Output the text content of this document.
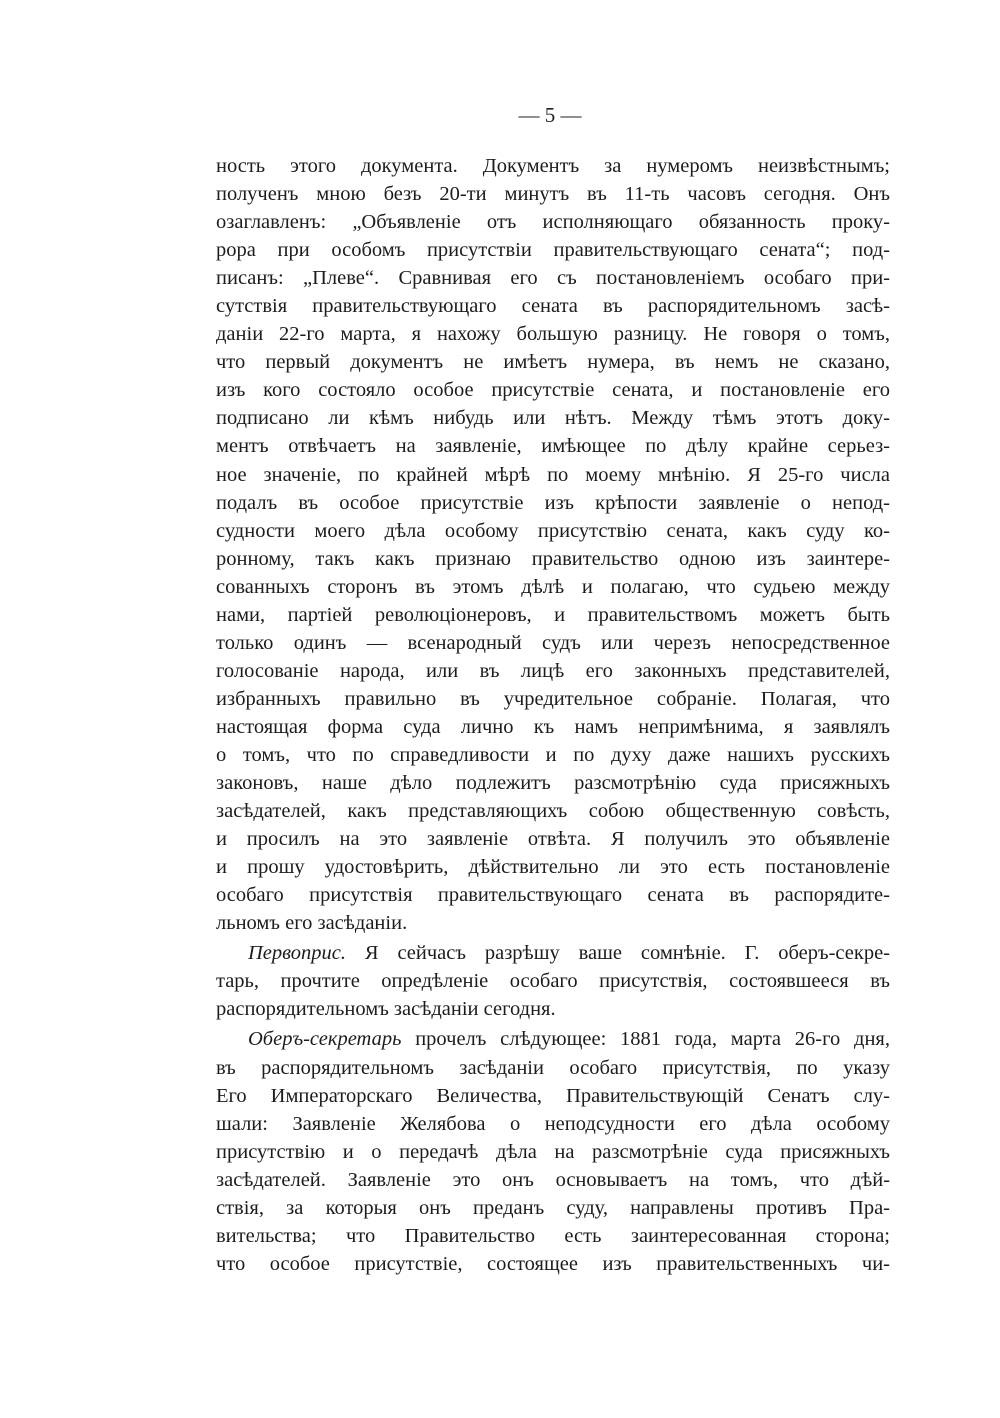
— 5 —
ность этого документа. Документъ за нумеромъ неизвѣстнымъ;
полученъ мною безъ 20-ти минутъ въ 11-ть часовъ сегодня. Онъ
озаглавленъ: „Объявленіе отъ исполняющаго обязанность проку-
рора при особомъ присутствіи правительствующаго сената“; под-
писанъ: „Плеве“. Сравнивая его съ постановленіемъ особаго при-
сутствія правительствующаго сената въ распорядительномъ засѣ-
даніи 22-го марта, я нахожу большую разницу. Не говоря о томъ,
что первый документъ не имѣетъ нумера, въ немъ не сказано,
изъ кого состояло особое присутствіе сената, и постановленіе его
подписано ли кѣмъ нибудь или нѣтъ. Между тѣмъ этотъ доку-
ментъ отвѣчаетъ на заявленіе, имѣющее по дѣлу крайне серьез-
ное значеніе, по крайней мѣрѣ по моему мнѣнію. Я 25-го числа
подалъ въ особое присутствіе изъ крѣпости заявленіе о непод-
судности моего дѣла особому присутствію сената, какъ суду ко-
ронному, такъ какъ признаю правительство одною изъ заинтере-
сованныхъ сторонъ въ этомъ дѣлѣ и полагаю, что судьею между
нами, партіей революціонеровъ, и правительствомъ можетъ быть
только одинъ — всенародный судъ или черезъ непосредственное
голосованіе народа, или въ лицѣ его законныхъ представителей,
избранныхъ правильно въ учредительное собраніе. Полагая, что
настоящая форма суда лично къ намъ непримѣнима, я заявлялъ
о томъ, что по справедливости и по духу даже нашихъ русскихъ
законовъ, наше дѣло подлежитъ разсмотрѣнію суда присяжныхъ
засѣдателей, какъ представляющихъ собою общественную совѣсть,
и просилъ на это заявленіе отвѣта. Я получилъ это объявленіе
и прошу удостовѣрить, дѣйствительно ли это есть постановленіе
особаго присутствія правительствующаго сената въ распорядите-
льномъ его засѣданіи.
Первоприс. Я сейчасъ разрѣшу ваше сомнѣніе. Г. оберъ-секре-
тарь, прочтите опредѣленіе особаго присутствія, состоявшееся въ
распорядительномъ засѣданіи сегодня.
Оберъ-секретарь прочелъ слѣдующее: 1881 года, марта 26-го дня,
въ распорядительномъ засѣданіи особаго присутствія, по указу
Его Императорскаго Величества, Правительствующій Сенатъ слу-
шали: Заявленіе Желябова о неподсудности его дѣла особому
присутствію и о передачѣ дѣла на разсмотрѣніе суда присяжныхъ
засѣдателей. Заявленіе это онъ основываетъ на томъ, что дѣй-
ствія, за которыя онъ преданъ суду, направлены противъ Пра-
вительства; что Правительство есть заинтересованная сторона;
что особое присутствіе, состоящее изъ правительственныхъ чи-
